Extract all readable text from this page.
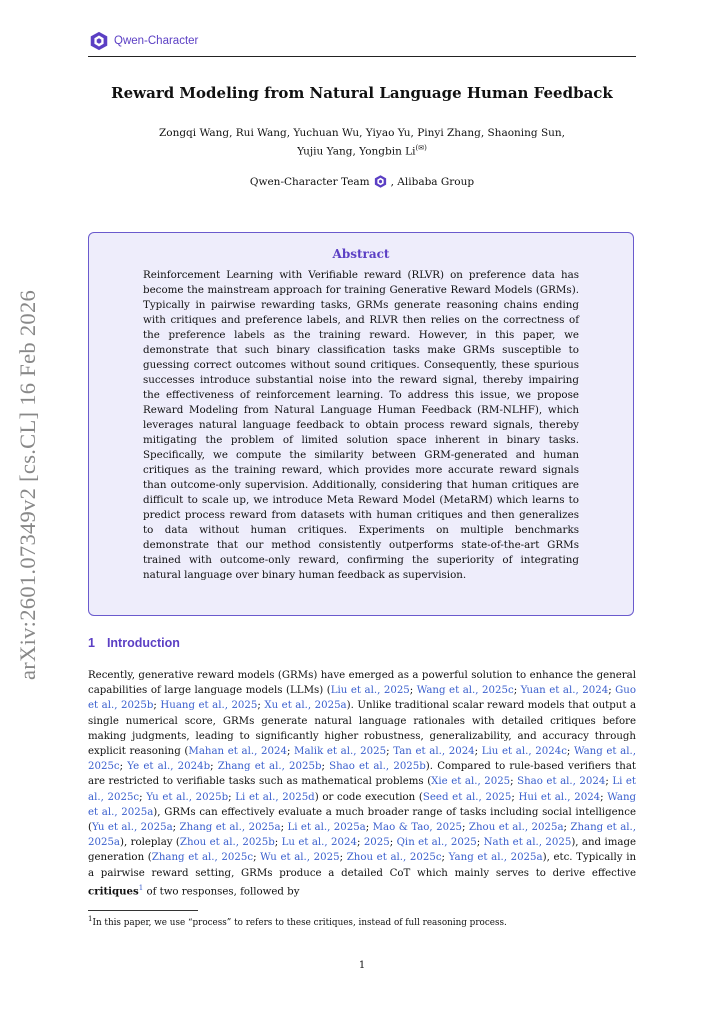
Qwen-Character
arXiv:2601.07349v2 [cs.CL] 16 Feb 2026
Reward Modeling from Natural Language Human Feedback
Zongqi Wang, Rui Wang, Yuchuan Wu, Yiyao Yu, Pinyi Zhang, Shaoning Sun,
Yujiu Yang, Yongbin Li(✉)
Qwen-Character Team , Alibaba Group
Abstract
Reinforcement Learning with Verifiable reward (RLVR) on preference data has become the mainstream approach for training Generative Reward Models (GRMs). Typically in pairwise rewarding tasks, GRMs generate reasoning chains ending with critiques and preference labels, and RLVR then relies on the correctness of the preference labels as the training reward. However, in this paper, we demonstrate that such binary classification tasks make GRMs susceptible to guessing correct outcomes without sound critiques. Consequently, these spurious successes introduce substantial noise into the reward signal, thereby impairing the effectiveness of reinforcement learning. To address this issue, we propose Reward Modeling from Natural Language Human Feedback (RM-NLHF), which leverages natural language feedback to obtain process reward signals, thereby mitigating the problem of limited solution space inherent in binary tasks. Specifically, we compute the similarity between GRM-generated and human critiques as the training reward, which provides more accurate reward signals than outcome-only supervision. Additionally, considering that human critiques are difficult to scale up, we introduce Meta Reward Model (MetaRM) which learns to predict process reward from datasets with human critiques and then generalizes to data without human critiques. Experiments on multiple benchmarks demonstrate that our method consistently outperforms state-of-the-art GRMs trained with outcome-only reward, confirming the superiority of integrating natural language over binary human feedback as supervision.
1 Introduction
Recently, generative reward models (GRMs) have emerged as a powerful solution to enhance the general capabilities of large language models (LLMs) (Liu et al., 2025; Wang et al., 2025c; Yuan et al., 2024; Guo et al., 2025b; Huang et al., 2025; Xu et al., 2025a). Unlike traditional scalar reward models that output a single numerical score, GRMs generate natural language rationales with detailed critiques before making judgments, leading to significantly higher robustness, generalizability, and accuracy through explicit reasoning (Mahan et al., 2024; Malik et al., 2025; Tan et al., 2024; Liu et al., 2024c; Wang et al., 2025c; Ye et al., 2024b; Zhang et al., 2025b; Shao et al., 2025b). Compared to rule-based verifiers that are restricted to verifiable tasks such as mathematical problems (Xie et al., 2025; Shao et al., 2024; Li et al., 2025c; Yu et al., 2025b; Li et al., 2025d) or code execution (Seed et al., 2025; Hui et al., 2024; Wang et al., 2025a), GRMs can effectively evaluate a much broader range of tasks including social intelligence (Yu et al., 2025a; Zhang et al., 2025a; Li et al., 2025a; Mao & Tao, 2025; Zhou et al., 2025a; Zhang et al., 2025a), roleplay (Zhou et al., 2025b; Lu et al., 2024; 2025; Qin et al., 2025; Nath et al., 2025), and image generation (Zhang et al., 2025c; Wu et al., 2025; Zhou et al., 2025c; Yang et al., 2025a), etc. Typically in a pairwise reward setting, GRMs produce a detailed CoT which mainly serves to derive effective critiques$^1$ of two responses, followed by
$^1$In this paper, we use “process” to refers to these critiques, instead of full reasoning process.
1
